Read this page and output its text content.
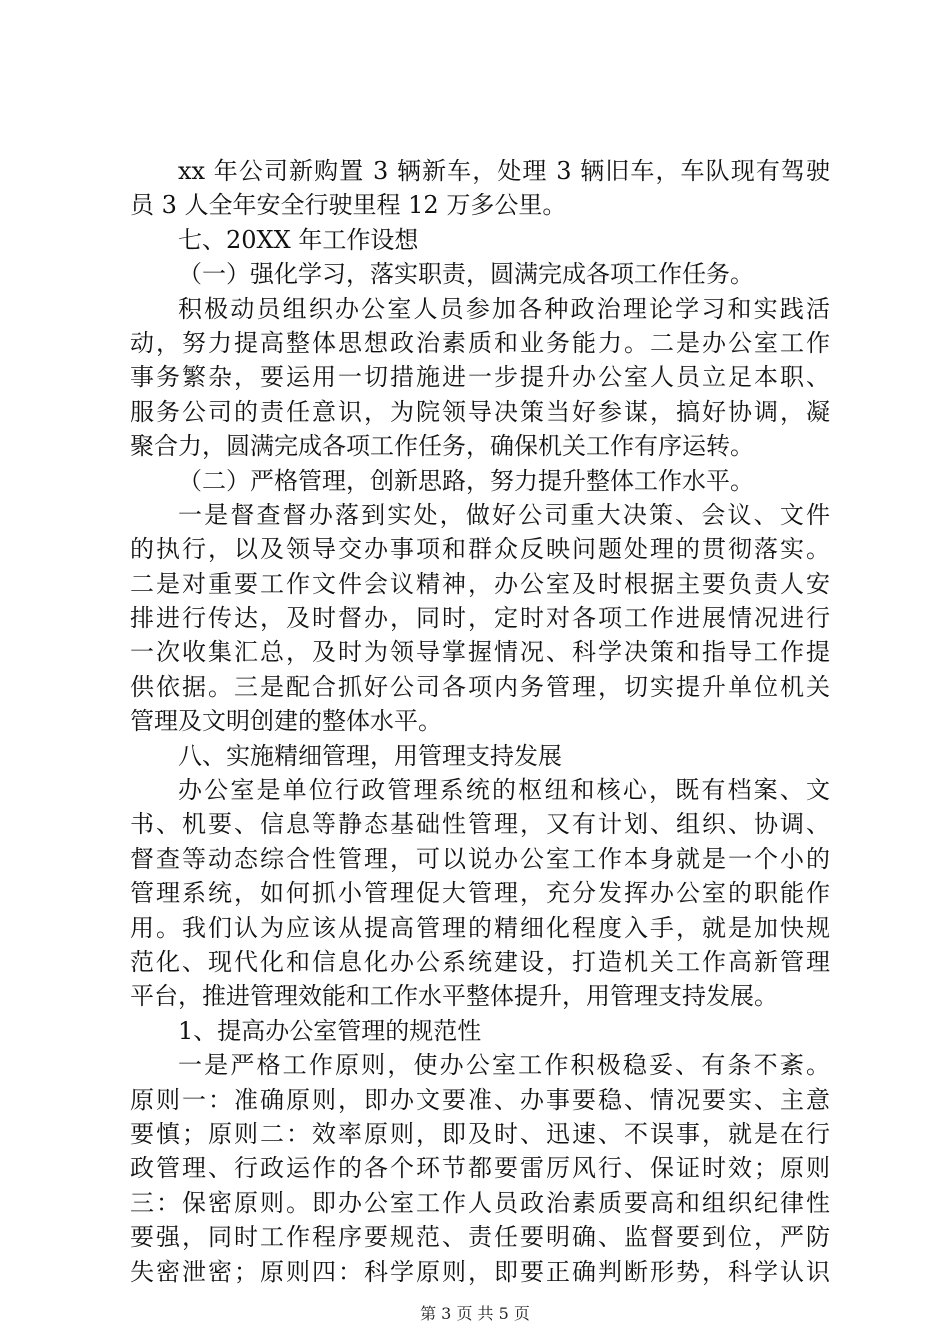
xx 年公司新购置 3 辆新车，处理 3 辆旧车，车队现有驾驶
员 3 人全年安全行驶里程 12 万多公里。
七、20XX 年工作设想
（一）强化学习，落实职责，圆满完成各项工作任务。
积极动员组织办公室人员参加各种政治理论学习和实践活
动，努力提高整体思想政治素质和业务能力。二是办公室工作
事务繁杂，要运用一切措施进一步提升办公室人员立足本职、
服务公司的责任意识，为院领导决策当好参谋，搞好协调，凝
聚合力，圆满完成各项工作任务，确保机关工作有序运转。
（二）严格管理，创新思路，努力提升整体工作水平。
一是督查督办落到实处，做好公司重大决策、会议、文件
的执行，以及领导交办事项和群众反映问题处理的贯彻落实。
二是对重要工作文件会议精神，办公室及时根据主要负责人安
排进行传达，及时督办，同时，定时对各项工作进展情况进行
一次收集汇总，及时为领导掌握情况、科学决策和指导工作提
供依据。三是配合抓好公司各项内务管理，切实提升单位机关
管理及文明创建的整体水平。
八、实施精细管理，用管理支持发展
办公室是单位行政管理系统的枢纽和核心，既有档案、文
书、机要、信息等静态基础性管理，又有计划、组织、协调、
督查等动态综合性管理，可以说办公室工作本身就是一个小的
管理系统，如何抓小管理促大管理，充分发挥办公室的职能作
用。我们认为应该从提高管理的精细化程度入手，就是加快规
范化、现代化和信息化办公系统建设，打造机关工作高新管理
平台，推进管理效能和工作水平整体提升，用管理支持发展。
1、提高办公室管理的规范性
一是严格工作原则，使办公室工作积极稳妥、有条不紊。
原则一：准确原则，即办文要准、办事要稳、情况要实、主意
要慎；原则二：效率原则，即及时、迅速、不误事，就是在行
政管理、行政运作的各个环节都要雷厉风行、保证时效；原则
三：保密原则。即办公室工作人员政治素质要高和组织纪律性
要强，同时工作程序要规范、责任要明确、监督要到位，严防
失密泄密；原则四：科学原则，即要正确判断形势，科学认识
第 3 页 共 5 页
